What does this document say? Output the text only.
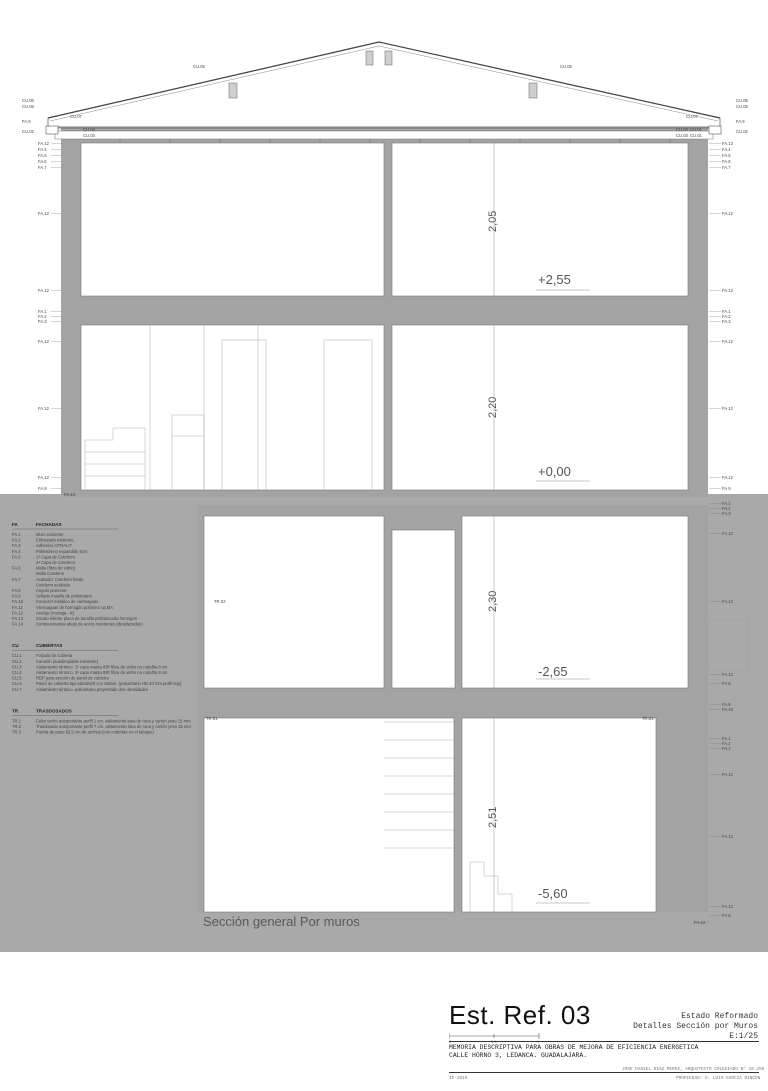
+2,55
+0,00
-2,65
-5,60
2,05
2,20
2,30
2,51
CU.05	CU.05
CU.06
CU.05
CU.07
FA.9
CU.02	CU.04
CU.03
CU.06
CU.05
CU.07
FA.9
CU.02
CU.04
CU.03
CU.01
CU.01
TR.02
TR.01	TR.01
FA.12
FA.4
FA.5
FA.6
FA.7
FA.12
FA.12
FA.1
FA.2
FA.3
FA.12
FA.12
FA.12
FA.9
FA.13
FA.12
FA.4
FA.5
FA.6
FA.7
FA.12
FA.12
FA.1
FA.2
FA.3
FA.12
FA.12
FA.12
FA.9
FA.1
FA.2
FA.3
FA.12
FA.12
FA.12
FA.8
FA.9
FA.10
FA.1
FA.2
FA.3
FA.12
FA.12
FA.12
FA.13
FA.8
FA	FACHADAS
FA.1	Muro existente
FA.2	Enfoscado existente
FA.3	Adhesivo OTRALIT
FA.4	Poliestireno expandido 8cm
FA.5	1ª Capa de Cotelerm
2ª Capa de Cotelerm
FA.6	Malla (fibra de vidrio)
Malla Cotelerm
FA.7	Acabado: Cotelerm fondo
Cotelerm acabado
FA.8	Ángulo protector
FA.9	Sellado masilla de poliuretano
FA.10	Conector metálico de vierteaguas
FA.11	Vierteaguas de hormigón polímero ULMA
FA.12	Anclaje (mortaja - K)
FA.13	Zócalo inferior placa de tanallla prefabricada hormigón
FA.14	Contraventanas abajo de acero montantes (desplazadas)
CU	CUBIERTAS
CU.1	Forjado de cubierta
CU.2	Canalón (autolimpiable existente)
CU.3	Aislamiento térmico. 1ª capa manta IBR fibra de vidrio no rodaflta 8 cm
CU.4	Aislamiento térmico. 2ª capa manta IBR fibra de vidrio no rodaflta 8 cm
CU.5	RDP para sección de panel de cubierta
CU.6	Panel de cubierta tipo sándwich con aislam. (poliuretano HD 40 mm perfil teja)
CU.7	Aislamiento térmico. poliuretano proyectado dos densidades
TR	TRASDOSADOS
TR.1	Falso techo autoportante perfil 1 cm. aislamiento lana de roca y cartón yeso 15 mm
TR.2	Trasdosado autoportante perfil 7 cm. aislamiento lana de roca y cartón yeso 15 mm
TR.3	Puerta de paso 82,5 cm de anchos (con cobertas en el tabique)
Sección general Por muros
Est. Ref. 03	Estado Reformado
Detalles Sección por Muros
E:1/25
0	0.5	1
MEMORIA DESCRIPTIVA PARA OBRAS DE MEJORA DE EFICIENCIA ENERGETICA
CALLE HORNO 3, LEDANCA. GUADALAJARA.
JOSE DANIEL DIAZ PEREZ, ARQUITECTO COLEGIADO Nº 10.250
PROPIEDAD: D. LUIS GARCIA RINCON
II-2015
